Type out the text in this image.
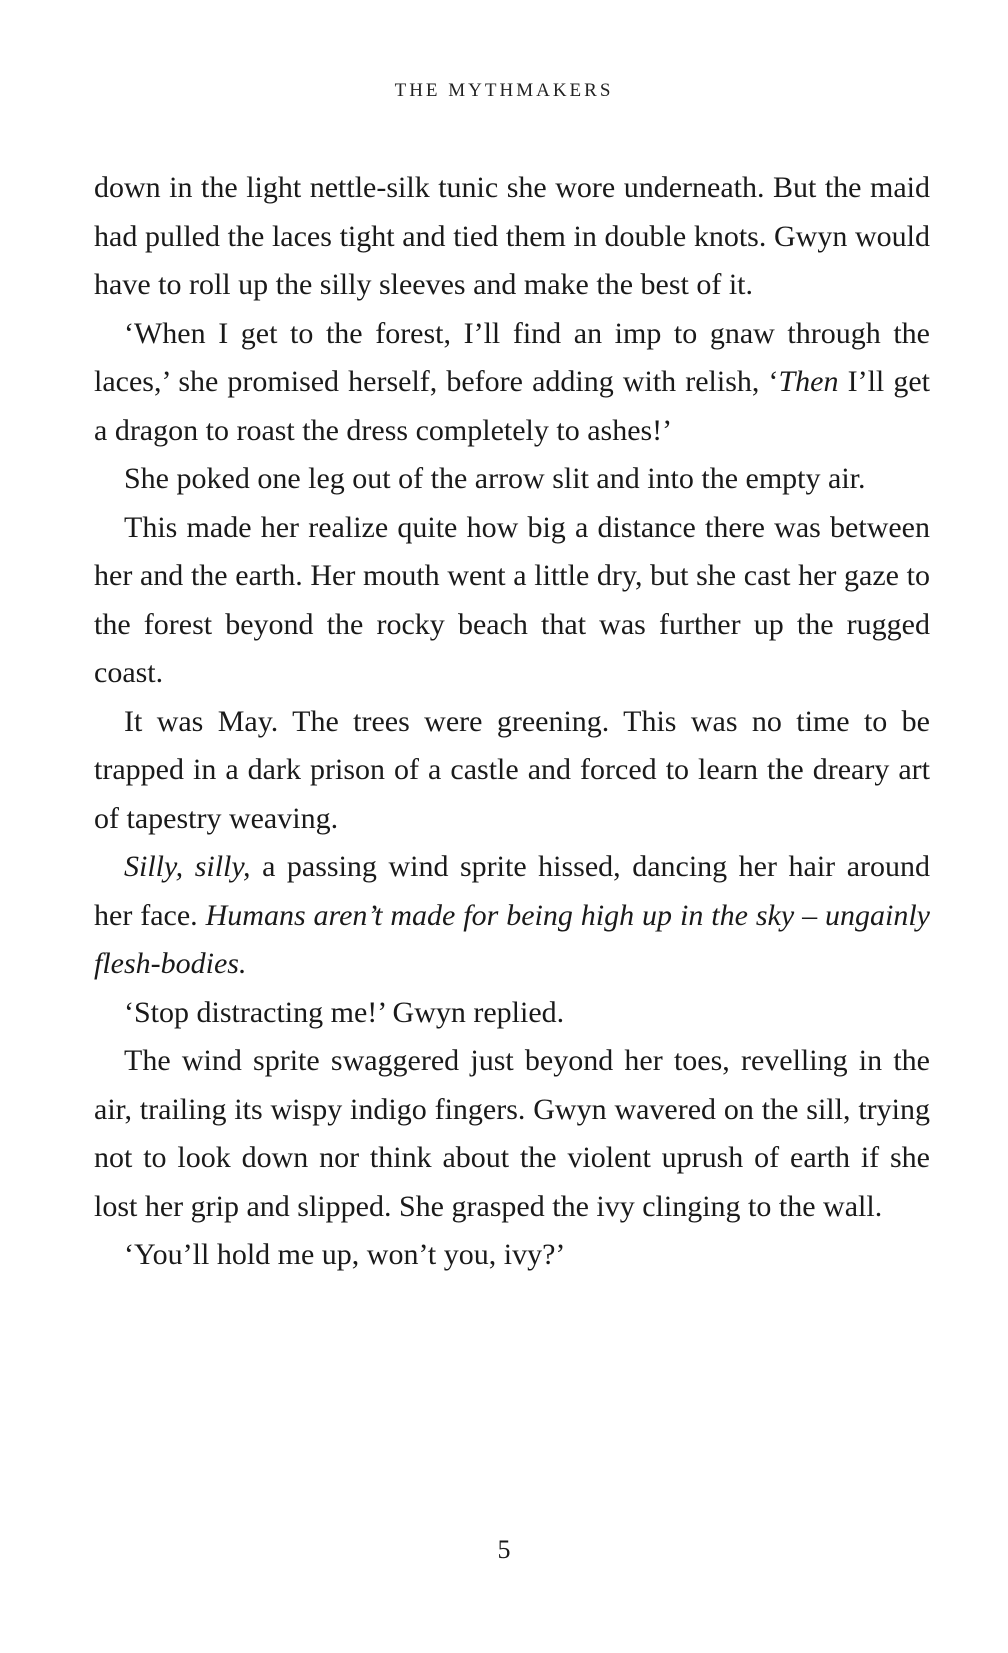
THE MYTHMAKERS

down in the light nettle-silk tunic she wore underneath. But the maid had pulled the laces tight and tied them in double knots. Gwyn would have to roll up the silly sleeves and make the best of it.

‘When I get to the forest, I’ll find an imp to gnaw through the laces,’ she promised herself, before adding with relish, ‘Then I’ll get a dragon to roast the dress completely to ashes!’

She poked one leg out of the arrow slit and into the empty air.

This made her realize quite how big a distance there was between her and the earth. Her mouth went a little dry, but she cast her gaze to the forest beyond the rocky beach that was further up the rugged coast.

It was May. The trees were greening. This was no time to be trapped in a dark prison of a castle and forced to learn the dreary art of tapestry weaving.

Silly, silly, a passing wind sprite hissed, dancing her hair around her face. Humans aren’t made for being high up in the sky – ungainly flesh-bodies.

‘Stop distracting me!’ Gwyn replied.

The wind sprite swaggered just beyond her toes, revelling in the air, trailing its wispy indigo fingers. Gwyn wavered on the sill, trying not to look down nor think about the violent uprush of earth if she lost her grip and slipped. She grasped the ivy clinging to the wall.

‘You’ll hold me up, won’t you, ivy?’

5
